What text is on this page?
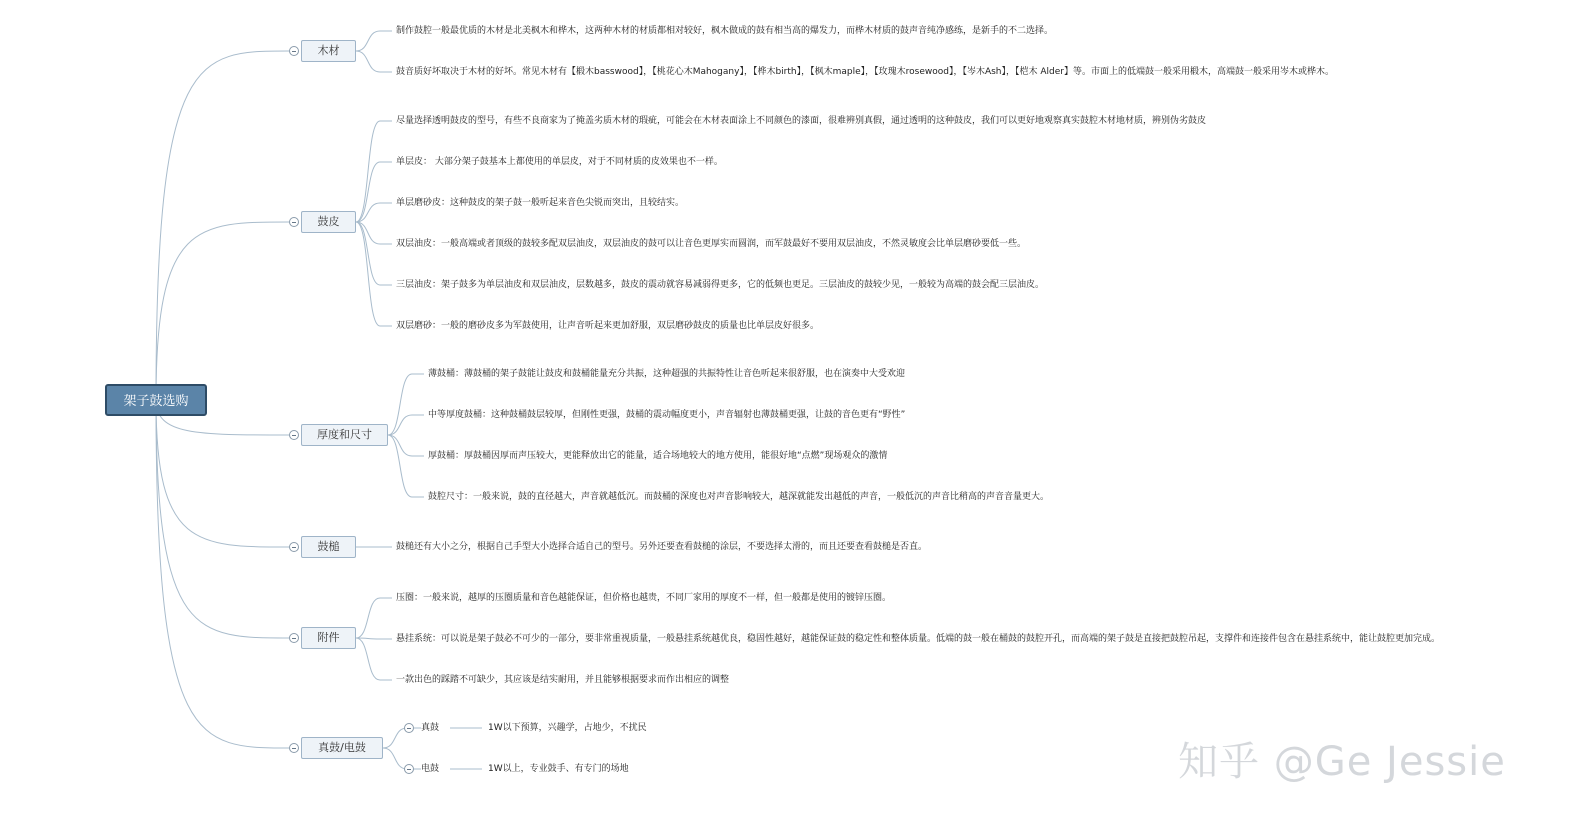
架子鼓选购
木材
制作鼓腔一般最优质的木材是北美枫木和桦木，这两种木材的材质都相对较好，枫木做成的鼓有相当高的爆发力，而桦木材质的鼓声音纯净感练，是新手的不二选择。
鼓音质好坏取决于木材的好坏。常见木材有【椴木basswood】，【桃花心木Mahogany】，【桦木birth】，【枫木maple】，【玫瑰木rosewood】，【岑木Ash】，【桤木 Alder】等。市面上的低端鼓一般采用椴木，高端鼓一般采用岑木或桦木。
鼓皮
尽量选择透明鼓皮的型号，有些不良商家为了掩盖劣质木材的瑕疵，可能会在木材表面涂上不同颜色的漆面，很难辨别真假，通过透明的这种鼓皮，我们可以更好地观察真实鼓腔木材地材质，辨别伪劣鼓皮
单层皮： 大部分架子鼓基本上都使用的单层皮，对于不同材质的皮效果也不一样。
单层磨砂皮：这种鼓皮的架子鼓一般听起来音色尖锐而突出，且较结实。
双层油皮：一般高端或者顶级的鼓较多配双层油皮，双层油皮的鼓可以让音色更厚实而圆润，而军鼓最好不要用双层油皮，不然灵敏度会比单层磨砂要低一些。
三层油皮：架子鼓多为单层油皮和双层油皮，层数越多，鼓皮的震动就容易减弱得更多，它的低频也更足。三层油皮的鼓较少见，一般较为高端的鼓会配三层油皮。
双层磨砂：一般的磨砂皮多为军鼓使用，让声音听起来更加舒服，双层磨砂鼓皮的质量也比单层皮好很多。
厚度和尺寸
薄鼓桶：薄鼓桶的架子鼓能让鼓皮和鼓桶能量充分共振，这种超强的共振特性让音色听起来很舒服，也在演奏中大受欢迎
中等厚度鼓桶：这种鼓桶鼓层较厚，但刚性更强，鼓桶的震动幅度更小，声音辐射也薄鼓桶更强，让鼓的音色更有“野性”
厚鼓桶：厚鼓桶因厚而声压较大，更能释放出它的能量，适合场地较大的地方使用，能很好地“点燃”现场观众的激情
鼓腔尺寸：一般来说，鼓的直径越大，声音就越低沉。而鼓桶的深度也对声音影响较大，越深就能发出越低的声音，一般低沉的声音比稍高的声音音量更大。
鼓槌	鼓槌还有大小之分，根据自己手型大小选择合适自己的型号。另外还要查看鼓槌的涂层，不要选择太滑的，而且还要查看鼓槌是否直。
附件
压圈：一般来说，越厚的压圈质量和音色越能保证，但价格也越贵，不同厂家用的厚度不一样，但一般都是使用的镀锌压圈。
悬挂系统：可以说是架子鼓必不可少的一部分，要非常重视质量，一般悬挂系统越优良，稳固性越好，越能保证鼓的稳定性和整体质量。低端的鼓一般在桶鼓的鼓腔开孔，而高端的架子鼓是直接把鼓腔吊起，支撑件和连接件包含在悬挂系统中，能让鼓腔更加完成。
一款出色的踩踏不可缺少，其应该是结实耐用，并且能够根据要求而作出相应的调整
真鼓/电鼓
真鼓	1W以下预算，兴趣学，占地少，不扰民
电鼓	1W以上，专业鼓手、有专门的场地	知乎 @Ge Jessie
